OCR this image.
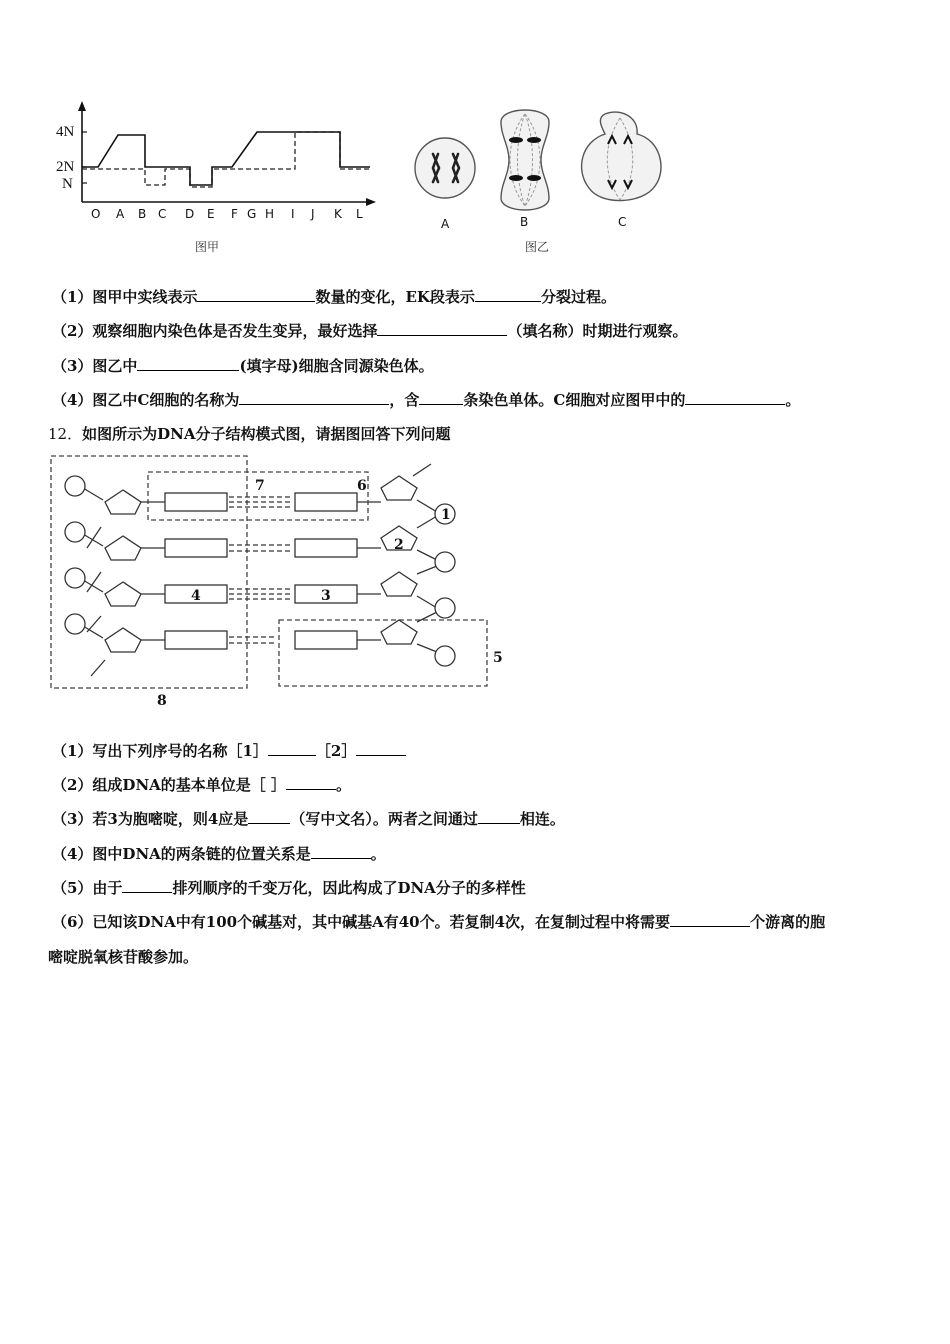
4N
2N
N
O A B C D E F G H I J K L
图甲
A	B	C
图乙
（1）图甲中实线表示	数量的变化，EK段表示	分裂过程。
（2）观察细胞内染色体是否发生变异，最好选择	（填名称）时期进行观察。
（3）图乙中	(填字母)细胞含同源染色体。
（4）图乙中C细胞的名称为	，含	条染色单体。C细胞对应图甲中的	。
12．如图所示为DNA分子结构模式图，请据图回答下列问题
7	6
1
2
4	3
5
8
（1）写出下列序号的名称［1］	［2］
（2）组成DNA的基本单位是［ ］	。
（3）若3为胞嘧啶，则4应是	（写中文名）。两者之间通过	相连。
（4）图中DNA的两条链的位置关系是	。
（5）由于	排列顺序的千变万化，因此构成了DNA分子的多样性
（6）已知该DNA中有100个碱基对，其中碱基A有40个。若复制4次，在复制过程中将需要	个游离的胞
嘧啶脱氧核苷酸参加。
